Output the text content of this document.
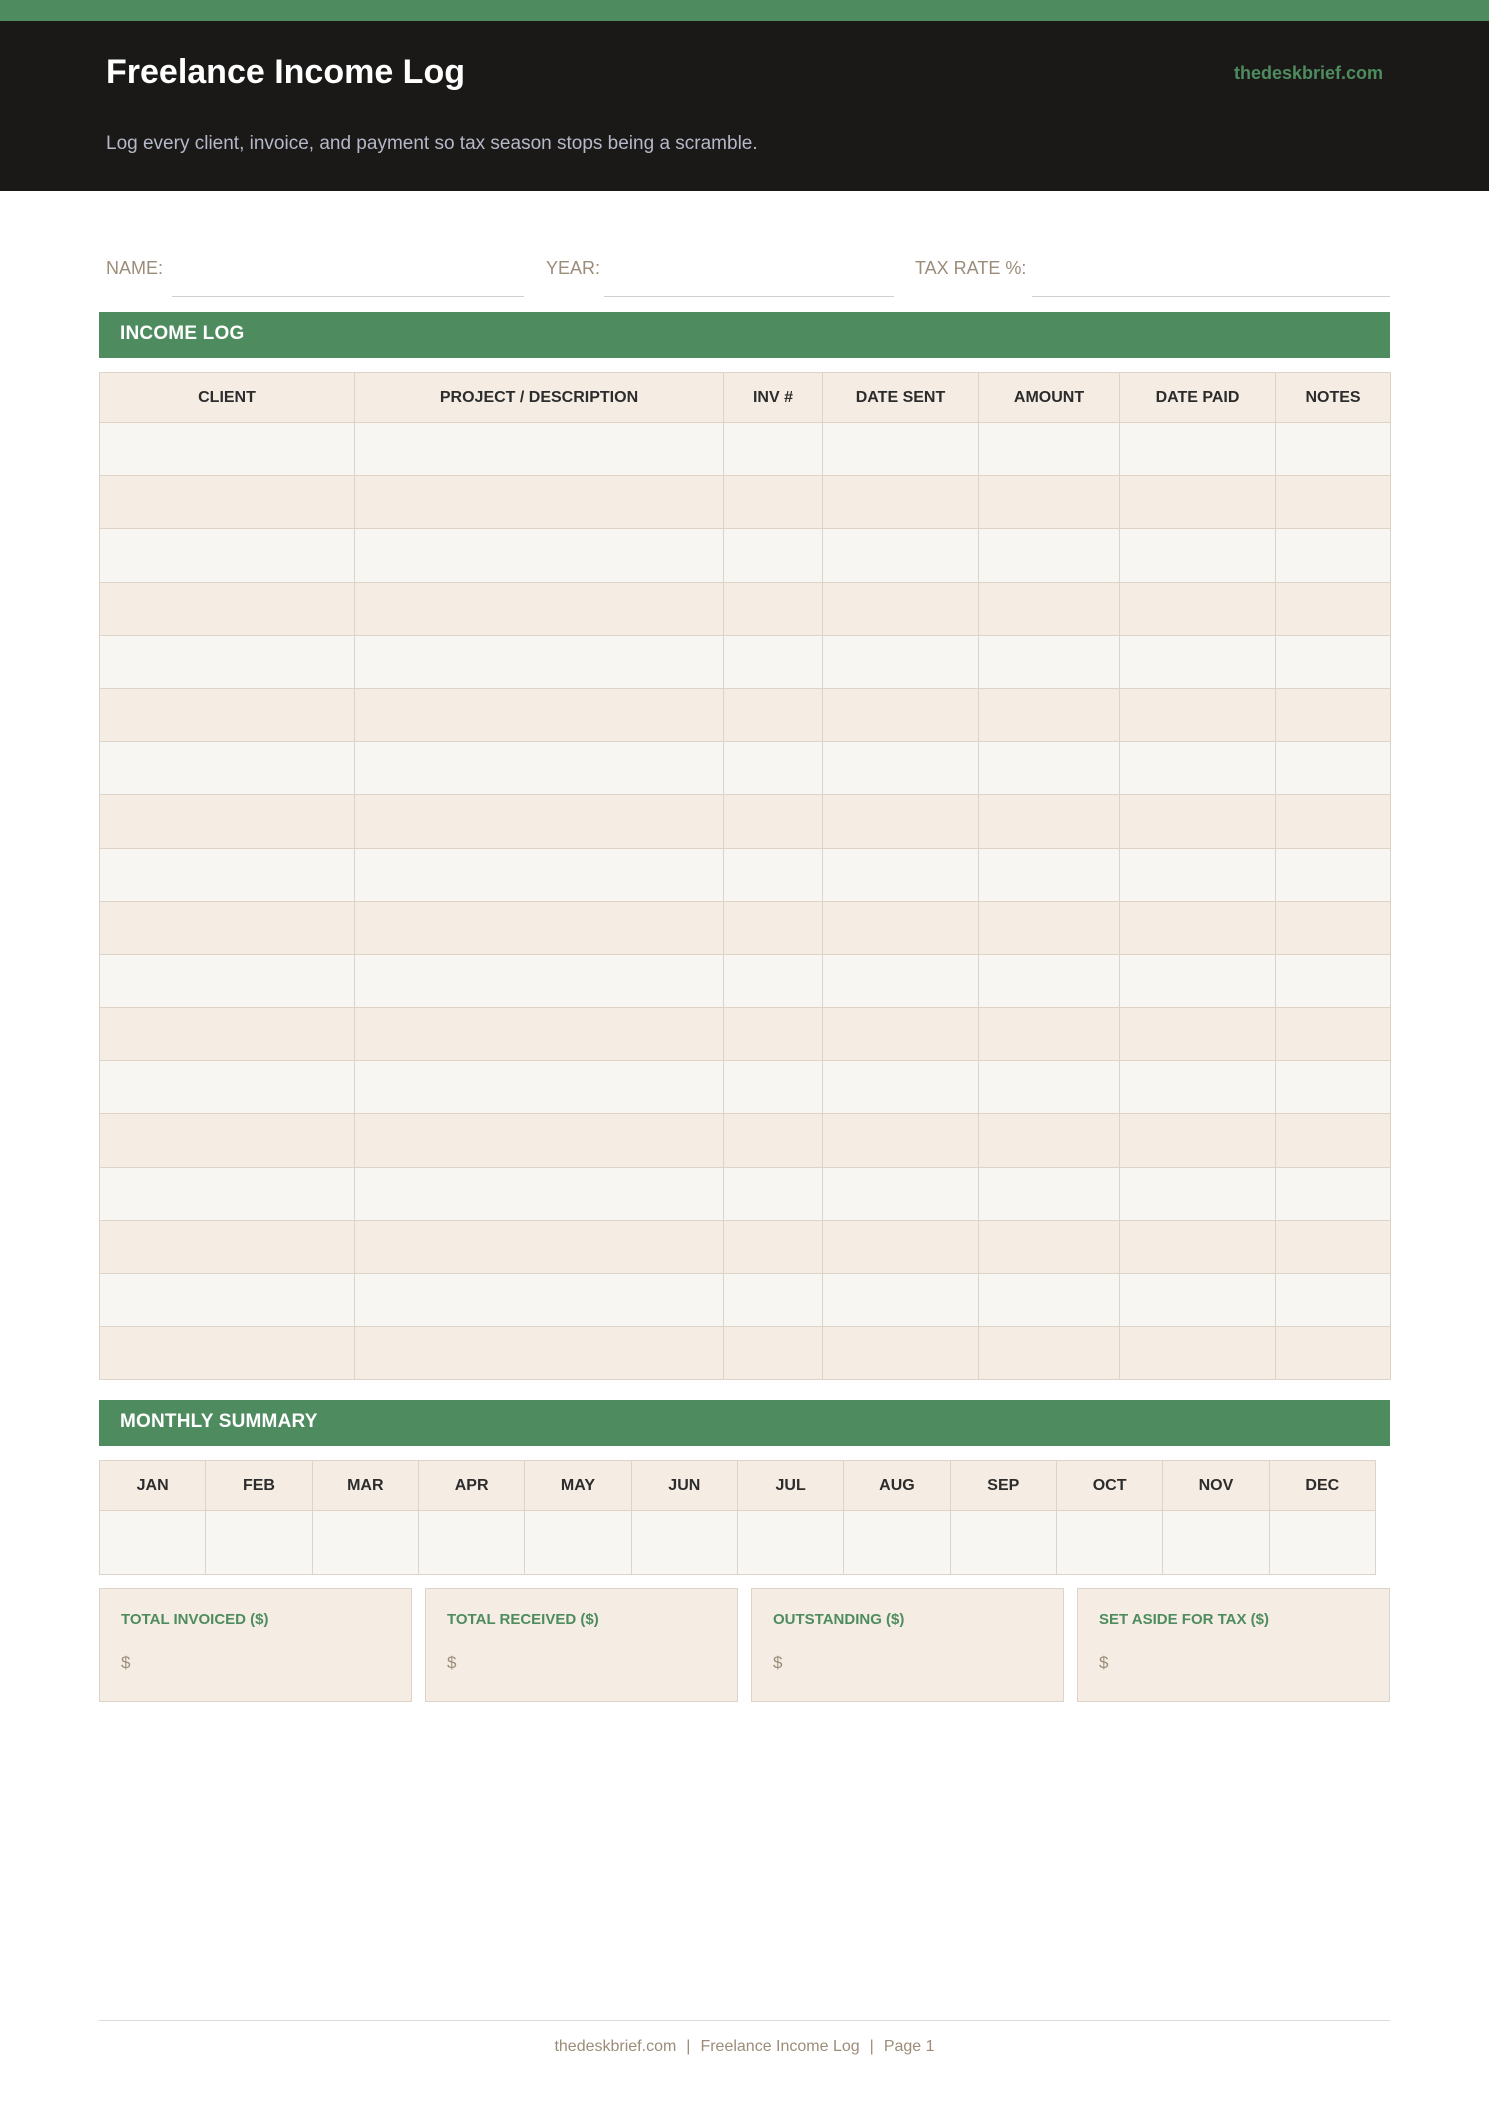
Freelance Income Log	thedeskbrief.com
Log every client, invoice, and payment so tax season stops being a scramble.
NAME:	YEAR:	TAX RATE %:
INCOME LOG
CLIENT	PROJECT / DESCRIPTION	INV #	DATE SENT	AMOUNT	DATE PAID	NOTES

MONTHLY SUMMARY
JAN	FEB	MAR	APR	MAY	JUN	JUL	AUG	SEP	OCT	NOV	DEC

TOTAL INVOICED ($)
$
TOTAL RECEIVED ($)
$
OUTSTANDING ($)
$
SET ASIDE FOR TAX ($)
$
thedeskbrief.com | Freelance Income Log | Page 1
